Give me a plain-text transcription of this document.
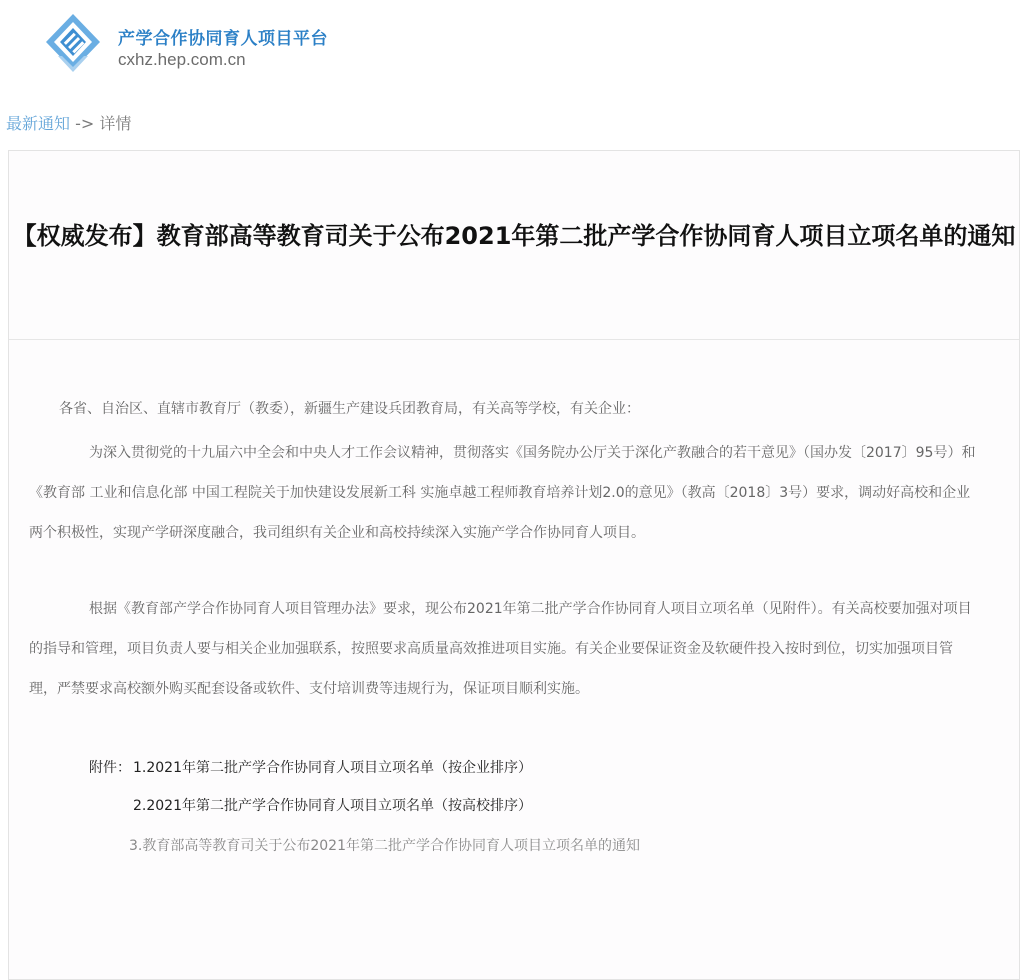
产学合作协同育人项目平台
cxhz.hep.com.cn
最新通知 -> 详情
【权威发布】教育部高等教育司关于公布2021年第二批产学合作协同育人项目立项名单的通知

各省、自治区、直辖市教育厅（教委），新疆生产建设兵团教育局，有关高等学校，有关企业：

为深入贯彻党的十九届六中全会和中央人才工作会议精神，贯彻落实《国务院办公厅关于深化产教融合的若干意见》（国办发〔2017〕95号）和《教育部 工业和信息化部 中国工程院关于加快建设发展新工科 实施卓越工程师教育培养计划2.0的意见》（教高〔2018〕3号）要求，调动好高校和企业两个积极性，实现产学研深度融合，我司组织有关企业和高校持续深入实施产学合作协同育人项目。

根据《教育部产学合作协同育人项目管理办法》要求，现公布2021年第二批产学合作协同育人项目立项名单（见附件）。有关高校要加强对项目的指导和管理，项目负责人要与相关企业加强联系，按照要求高质量高效推进项目实施。有关企业要保证资金及软硬件投入按时到位，切实加强项目管理，严禁要求高校额外购买配套设备或软件、支付培训费等违规行为，保证项目顺利实施。

附件： 1.2021年第二批产学合作协同育人项目立项名单（按企业排序）
2.2021年第二批产学合作协同育人项目立项名单（按高校排序）
3.教育部高等教育司关于公布2021年第二批产学合作协同育人项目立项名单的通知
